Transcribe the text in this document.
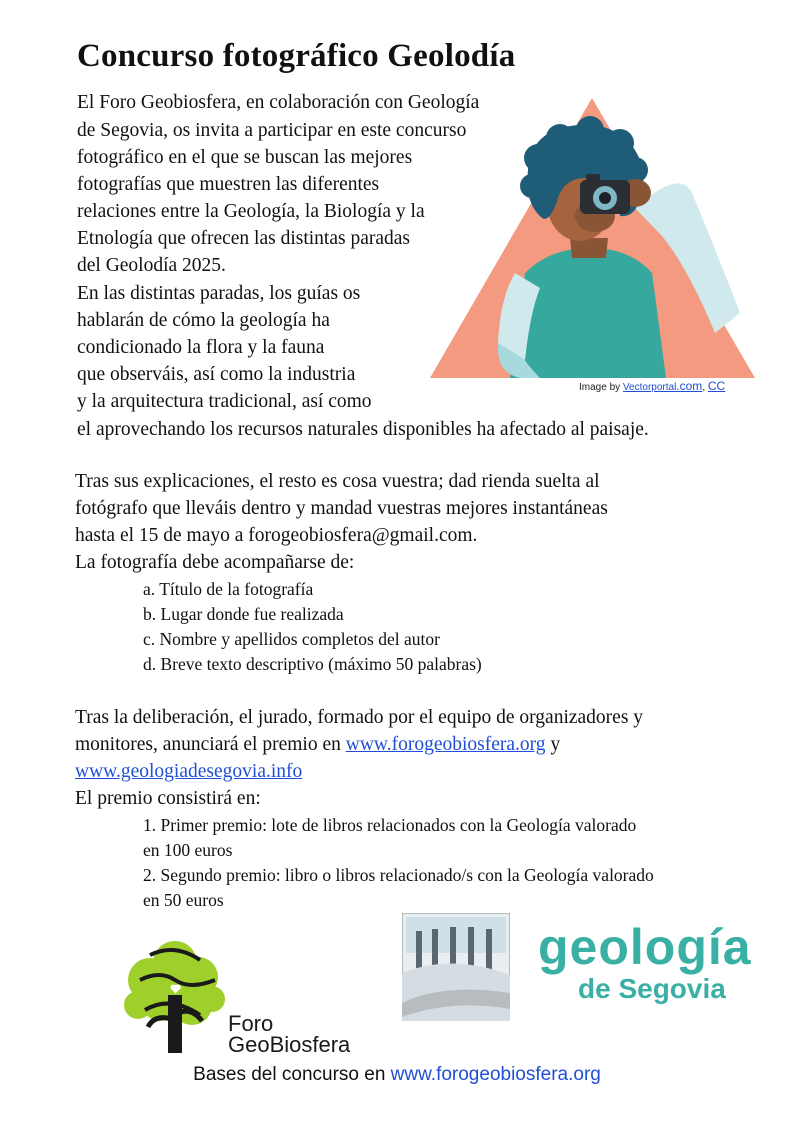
Concurso fotográfico Geolodía
El Foro Geobiosfera, en colaboración con Geología
de Segovia, os invita a participar en este concurso
fotográfico en el que se buscan las mejores
fotografías que muestren las diferentes
relaciones entre la Geología, la Biología y la
Etnología que ofrecen las distintas paradas
del Geolodía 2025.
En las distintas paradas, los guías os
hablarán de cómo la geología ha
condicionado la flora y la fauna
que observáis, así como la industria
y la arquitectura tradicional, así como
el aprovechando los recursos naturales disponibles ha afectado al paisaje.
Image by Vectorportal.com, CC
Tras sus explicaciones, el resto es cosa vuestra; dad rienda suelta al
fotógrafo que lleváis dentro y mandad vuestras mejores instantáneas
hasta el 15 de mayo a forogeobiosfera@gmail.com.
La fotografía debe acompañarse de:
a. Título de la fotografía
b. Lugar donde fue realizada
c. Nombre y apellidos completos del autor
d. Breve texto descriptivo (máximo 50 palabras)
Tras la deliberación, el jurado, formado por el equipo de organizadores y
monitores, anunciará el premio en www.forogeobiosfera.org y
www.geologiadesegovia.info
El premio consistirá en:
1. Primer premio: lote de libros relacionados con la Geología valorado
en 100 euros
2. Segundo premio: libro o libros relacionado/s con la Geología valorado
en 50 euros
Foro
GeoBiosfera
geología
de Segovia
Bases del concurso en www.forogeobiosfera.org
